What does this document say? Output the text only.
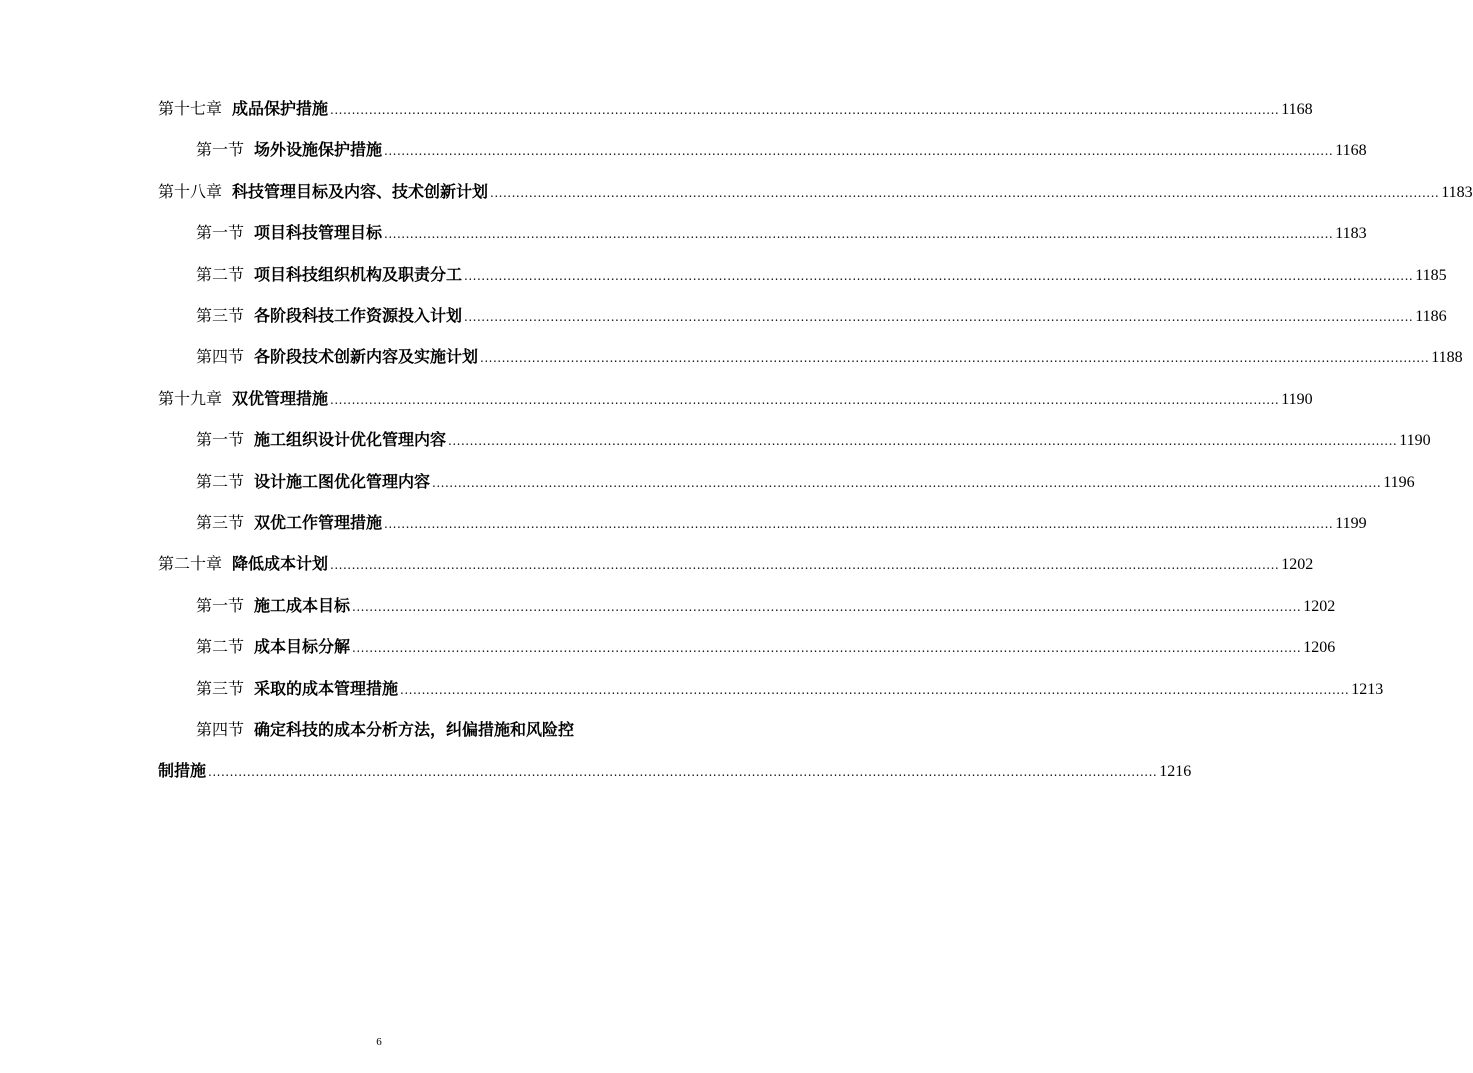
第十七章 成品保护措施 ............................................................................................................................................................................................................................ 1168
第一节 场外设施保护措施 ............................................................................................................................................................................................................................ 1168
第十八章 科技管理目标及内容、技术创新计划 ............................................................................................................................................................................................................................ 1183
第一节 项目科技管理目标 ............................................................................................................................................................................................................................ 1183
第二节 项目科技组织机构及职责分工 ............................................................................................................................................................................................................................ 1185
第三节 各阶段科技工作资源投入计划 ............................................................................................................................................................................................................................ 1186
第四节 各阶段技术创新内容及实施计划 ............................................................................................................................................................................................................................ 1188
第十九章 双优管理措施 ............................................................................................................................................................................................................................ 1190
第一节 施工组织设计优化管理内容 ............................................................................................................................................................................................................................ 1190
第二节 设计施工图优化管理内容 ............................................................................................................................................................................................................................ 1196
第三节 双优工作管理措施 ............................................................................................................................................................................................................................ 1199
第二十章 降低成本计划 ............................................................................................................................................................................................................................ 1202
第一节 施工成本目标 ............................................................................................................................................................................................................................ 1202
第二节 成本目标分解 ............................................................................................................................................................................................................................ 1206
第三节 采取的成本管理措施 ............................................................................................................................................................................................................................ 1213
第四节 确定科技的成本分析方法，纠偏措施和风险控
制措施 ............................................................................................................................................................................................................................ 1216
6
